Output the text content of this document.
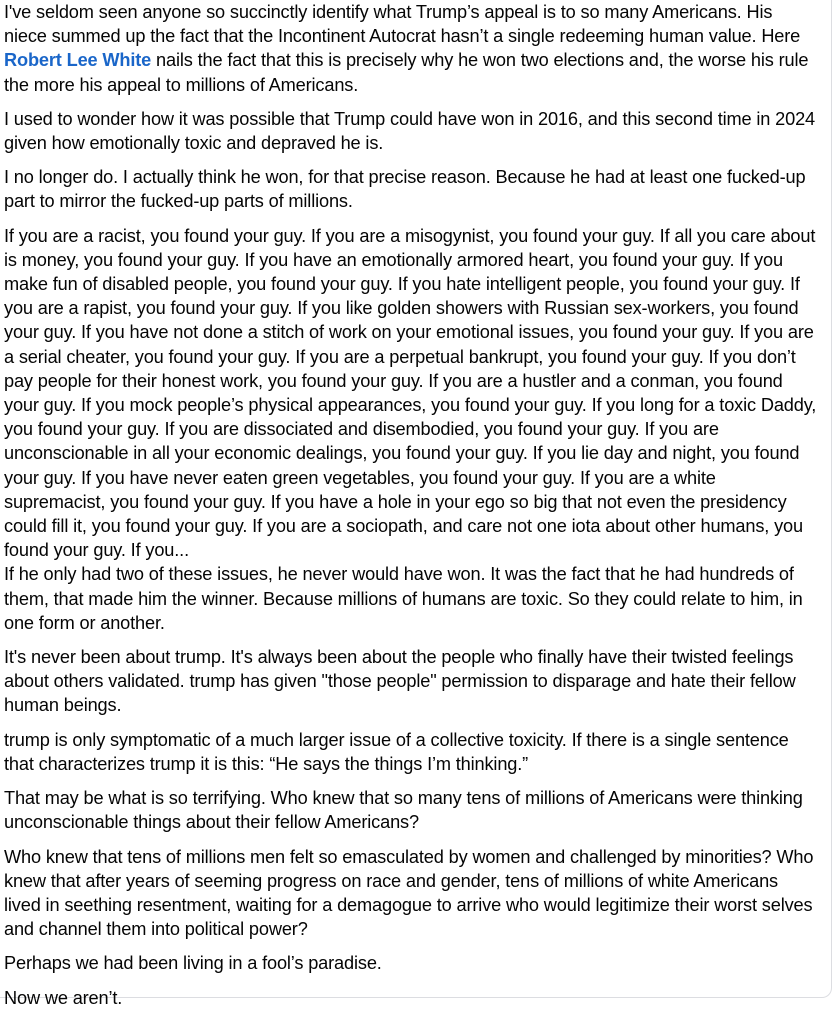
I've seldom seen anyone so succinctly identify what Trump’s appeal is to so many Americans. His niece summed up the fact that the Incontinent Autocrat hasn’t a single redeeming human value. Here Robert Lee White nails the fact that this is precisely why he won two elections and, the worse his rule the more his appeal to millions of Americans.

I used to wonder how it was possible that Trump could have won in 2016, and this second time in 2024 given how emotionally toxic and depraved he is.

I no longer do. I actually think he won, for that precise reason. Because he had at least one fucked-up part to mirror the fucked-up parts of millions.

If you are a racist, you found your guy. If you are a misogynist, you found your guy. If all you care about is money, you found your guy. If you have an emotionally armored heart, you found your guy. If you make fun of disabled people, you found your guy. If you hate intelligent people, you found your guy. If you are a rapist, you found your guy. If you like golden showers with Russian sex-workers, you found your guy. If you have not done a stitch of work on your emotional issues, you found your guy. If you are a serial cheater, you found your guy. If you are a perpetual bankrupt, you found your guy. If you don’t pay people for their honest work, you found your guy. If you are a hustler and a conman, you found your guy. If you mock people’s physical appearances, you found your guy. If you long for a toxic Daddy, you found your guy. If you are dissociated and disembodied, you found your guy. If you are unconscionable in all your economic dealings, you found your guy. If you lie day and night, you found your guy. If you have never eaten green vegetables, you found your guy. If you are a white supremacist, you found your guy. If you have a hole in your ego so big that not even the presidency could fill it, you found your guy. If you are a sociopath, and care not one iota about other humans, you found your guy. If you...

If he only had two of these issues, he never would have won. It was the fact that he had hundreds of them, that made him the winner. Because millions of humans are toxic. So they could relate to him, in one form or another.

It's never been about trump. It's always been about the people who finally have their twisted feelings about others validated. trump has given "those people" permission to disparage and hate their fellow human beings.

trump is only symptomatic of a much larger issue of a collective toxicity. If there is a single sentence that characterizes trump it is this: “He says the things I’m thinking.”

That may be what is so terrifying. Who knew that so many tens of millions of Americans were thinking unconscionable things about their fellow Americans?

Who knew that tens of millions men felt so emasculated by women and challenged by minorities? Who knew that after years of seeming progress on race and gender, tens of millions of white Americans lived in seething resentment, waiting for a demagogue to arrive who would legitimize their worst selves and channel them into political power?

Perhaps we had been living in a fool’s paradise.

Now we aren’t.
